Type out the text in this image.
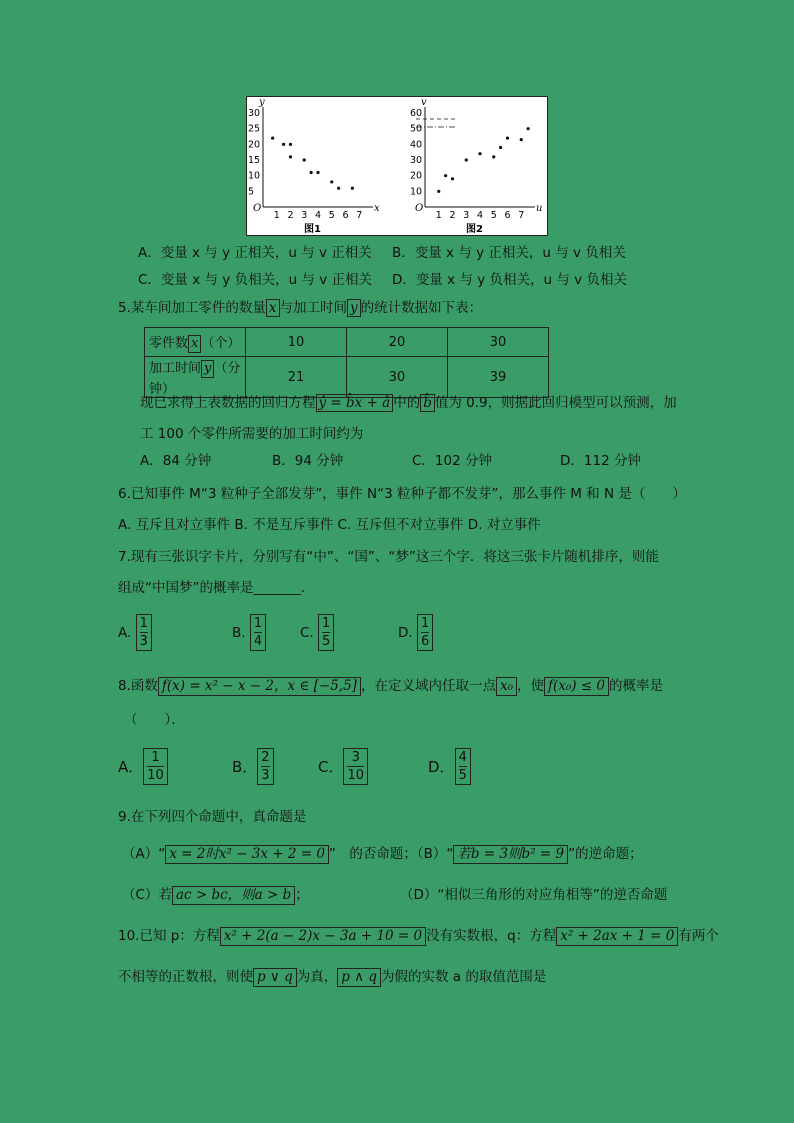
y
x
O
1 2 3 4 5 6 7
30
25
20
15
10
5
图1
v
u
O
1 2 3 4 5 6 7
60
50
40
30
20
10
图2
A．变量 x 与 y 正相关，u 与 v 正相关 B．变量 x 与 y 正相关，u 与 v 负相关
C．变量 x 与 y 负相关，u 与 v 正相关 D．变量 x 与 y 负相关，u 与 v 负相关
5.某车间加工零件的数量 x 与加工时间 y 的统计数据如下表：
零件数 x （个）	10	20	30
加工时间 y （分钟）	21	30	39
现已求得上表数据的回归方程 ŷ = b̂x + â 中的 b̂ 值为 0.9，则据此回归模型可以预测，加
工 100 个零件所需要的加工时间约为
A．84 分钟	B．94 分钟	C．102 分钟	D．112 分钟
6.已知事件 M“3 粒种子全部发芽”，事件 N“3 粒种子都不发芽”，那么事件 M 和 N 是（　　）
A. 互斥且对立事件 B. 不是互斥事件 C. 互斥但不对立事件 D. 对立事件
7.现有三张识字卡片，分别写有“中”、“国”、“梦”这三个字．将这三张卡片随机排序，则能
组成“中国梦”的概率是_______.
A.
$\frac{1}{3}$	B.
$\frac{1}{4}$	C.
$\frac{1}{5}$	D.
$\frac{1}{6}$
8.函数 f(x) = x² − x − 2，x ∈ [−5,5] ，在定义域内任取一点 x₀ ，使 f(x₀) ≤ 0 的概率是
（　　）．
A． $\frac{1}{10}$	B． $\frac{2}{3}$	C． $\frac{3}{10}$	D． $\frac{4}{5}$
9.在下列四个命题中，真命题是
（A）“ x = 2时x² − 3x + 2 = 0 ”　的否命题；（B）“ 若b = 3则b² = 9 ”的逆命题；
（C）若 ac > bc，则a > b ；	（D）“相似三角形的对应角相等”的逆否命题
10.已知 p：方程 x² + 2(a − 2)x − 3a + 10 = 0 没有实数根，q：方程 x² + 2ax + 1 = 0 有两个
不相等的正数根，则使 p ∨ q 为真， p ∧ q 为假的实数 a 的取值范围是
